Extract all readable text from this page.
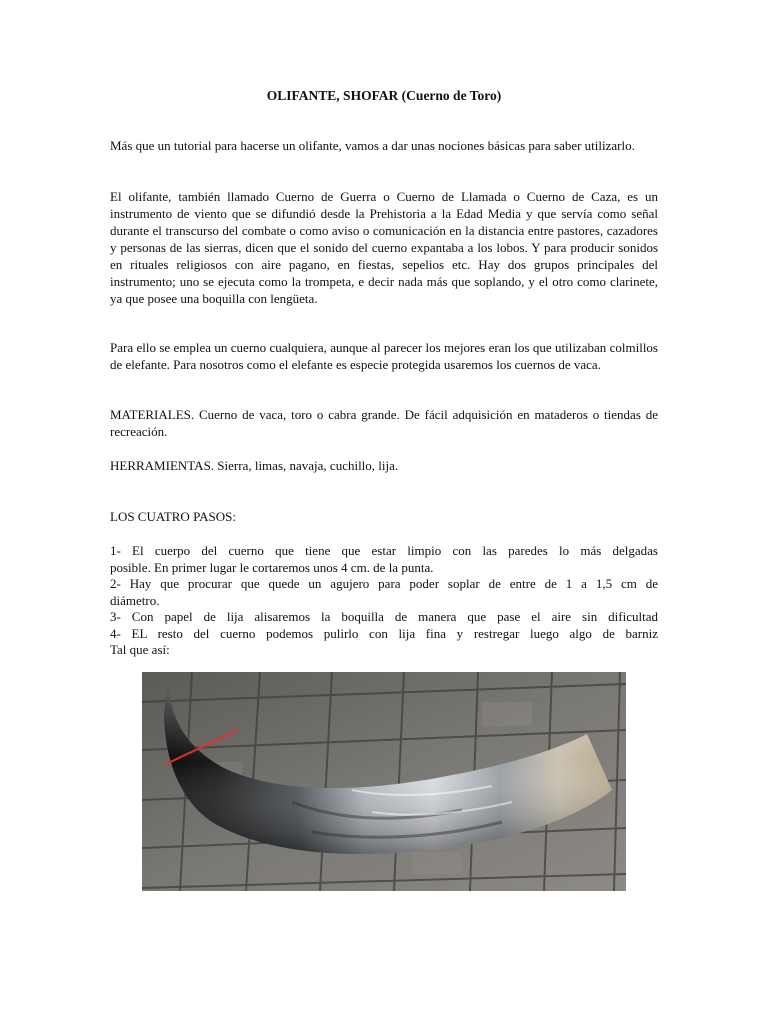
OLIFANTE, SHOFAR (Cuerno de Toro)

Más que un tutorial para hacerse un olifante, vamos a dar unas nociones básicas para saber utilizarlo.

El olifante, también llamado Cuerno de Guerra o Cuerno de Llamada o Cuerno de Caza, es un instrumento de viento que se difundió desde la Prehistoria a la Edad Media y que servía como señal durante el transcurso del combate o como aviso o comunicación en la distancia entre pastores, cazadores y personas de las sierras, dicen que el sonido del cuerno expantaba a los lobos. Y para producir sonidos en rituales religiosos con aire pagano, en fiestas, sepelios etc. Hay dos grupos principales del instrumento; uno se ejecuta como la trompeta, e decir nada más que soplando, y el otro como clarinete, ya que posee una boquilla con lengüeta.

Para ello se emplea un cuerno cualquiera, aunque al parecer los mejores eran los que utilizaban colmillos de elefante. Para nosotros como el elefante es especie protegida usaremos los cuernos de vaca.

MATERIALES. Cuerno de vaca, toro o cabra grande. De fácil adquisición en mataderos o tiendas de recreación.

HERRAMIENTAS. Sierra, limas, navaja, cuchillo, lija.

LOS CUATRO PASOS:

1- El cuerpo del cuerno que tiene que estar limpio con las paredes lo más delgadas

posible. En primer lugar le cortaremos unos 4 cm. de la punta.

2- Hay que procurar que quede un agujero para poder soplar de entre de 1 a 1,5 cm de

diámetro.

3- Con papel de lija alisaremos la boquilla de manera que pase el aire sin dificultad

4- EL resto del cuerno podemos pulirlo con lija fina y restregar luego algo de barniz

Tal que así:
